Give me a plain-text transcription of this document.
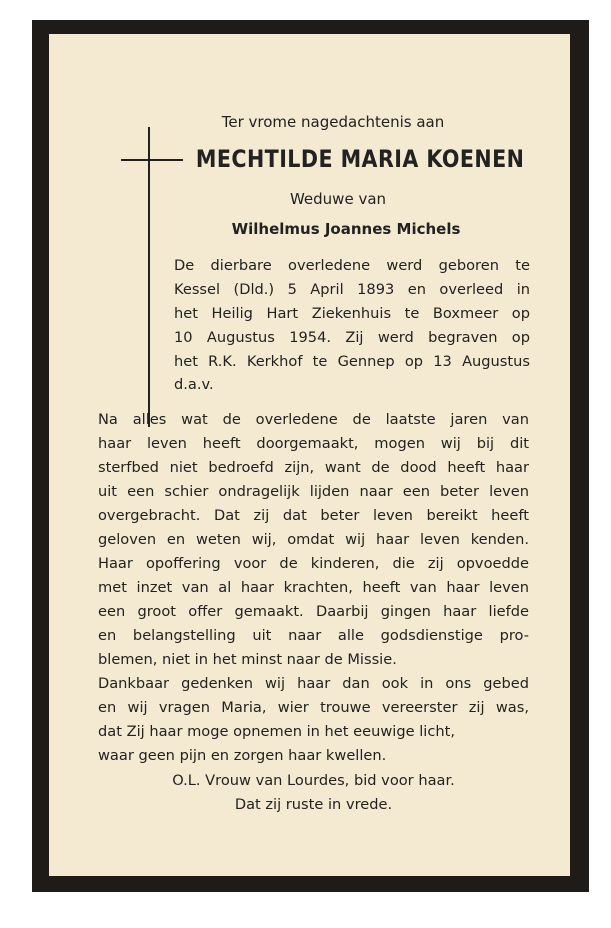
Ter vrome nagedachtenis aan
MECHTILDE MARIA KOENEN
Weduwe van
Wilhelmus Joannes Michels
De dierbare overledene werd geboren te
Kessel (Dld.) 5 April 1893 en overleed in
het Heilig Hart Ziekenhuis te Boxmeer op
10 Augustus 1954. Zij werd begraven op
het R.K. Kerkhof te Gennep op 13 Augustus
d.a.v.
Na alles wat de overledene de laatste jaren van
haar leven heeft doorgemaakt, mogen wij bij dit
sterfbed niet bedroefd zijn, want de dood heeft haar
uit een schier ondragelijk lijden naar een beter leven
overgebracht. Dat zij dat beter leven bereikt heeft
geloven en weten wij, omdat wij haar leven kenden.
Haar opoffering voor de kinderen, die zij opvoedde
met inzet van al haar krachten, heeft van haar leven
een groot offer gemaakt. Daarbij gingen haar liefde
en belangstelling uit naar alle godsdienstige pro-
blemen, niet in het minst naar de Missie.
Dankbaar gedenken wij haar dan ook in ons gebed
en wij vragen Maria, wier trouwe vereerster zij was,
dat Zij haar moge opnemen in het eeuwige licht,
waar geen pijn en zorgen haar kwellen.
O.L. Vrouw van Lourdes, bid voor haar.
Dat zij ruste in vrede.
